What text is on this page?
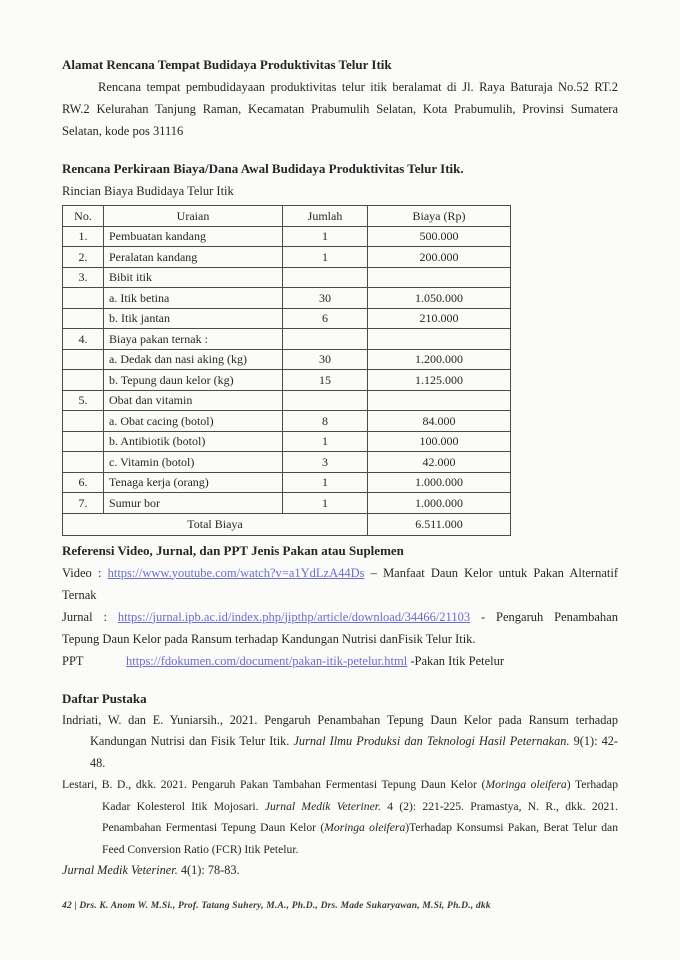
Alamat Rencana Tempat Budidaya Produktivitas Telur Itik

Rencana tempat pembudidayaan produktivitas telur itik beralamat di Jl. Raya Baturaja No.52 RT.2 RW.2 Kelurahan Tanjung Raman, Kecamatan Prabumulih Selatan, Kota Prabumulih, Provinsi Sumatera Selatan, kode pos 31116

Rencana Perkiraan Biaya/Dana Awal Budidaya Produktivitas Telur Itik.

Rincian Biaya Budidaya Telur Itik

No.	Uraian	Jumlah	Biaya (Rp)
1.	Pembuatan kandang	1	500.000
2.	Peralatan kandang	1	200.000
3.	Bibit itik		
	a. Itik betina	30	1.050.000
	b. Itik jantan	6	210.000
4.	Biaya pakan ternak :		
	a. Dedak dan nasi aking (kg)	30	1.200.000
	b. Tepung daun kelor (kg)	15	1.125.000
5.	Obat dan vitamin		
	a. Obat cacing (botol)	8	84.000
	b. Antibiotik (botol)	1	100.000
	c. Vitamin (botol)	3	42.000
6.	Tenaga kerja (orang)	1	1.000.000
7.	Sumur bor	1	1.000.000
Total Biaya			6.511.000
Referensi Video, Jurnal, dan PPT Jenis Pakan atau Suplemen

Video : https://www.youtube.com/watch?v=a1YdLzA44Ds – Manfaat Daun Kelor untuk Pakan Alternatif Ternak

Jurnal : https://jurnal.ipb.ac.id/index.php/jipthp/article/download/34466/21103 - Pengaruh Penambahan Tepung Daun Kelor pada Ransum terhadap Kandungan Nutrisi danFisik Telur Itik.

PPT	https://fdokumen.com/document/pakan-itik-petelur.html -Pakan Itik Petelur

Daftar Pustaka

Indriati, W. dan E. Yuniarsih., 2021. Pengaruh Penambahan Tepung Daun Kelor pada Ransum terhadap Kandungan Nutrisi dan Fisik Telur Itik. Jurnal Ilmu Produksi dan Teknologi Hasil Peternakan. 9(1): 42-48.

Lestari, B. D., dkk. 2021. Pengaruh Pakan Tambahan Fermentasi Tepung Daun Kelor (Moringa oleifera) Terhadap Kadar Kolesterol Itik Mojosari. Jurnal Medik Veteriner. 4 (2): 221-225. Pramastya, N. R., dkk. 2021. Penambahan Fermentasi Tepung Daun Kelor (Moringa oleifera)Terhadap Konsumsi Pakan, Berat Telur dan Feed Conversion Ratio (FCR) Itik Petelur.

Jurnal Medik Veteriner. 4(1): 78-83.

42 | Drs. K. Anom W. M.Si., Prof. Tatang Suhery, M.A., Ph.D., Drs. Made Sukaryawan, M.Si, Ph.D., dkk
